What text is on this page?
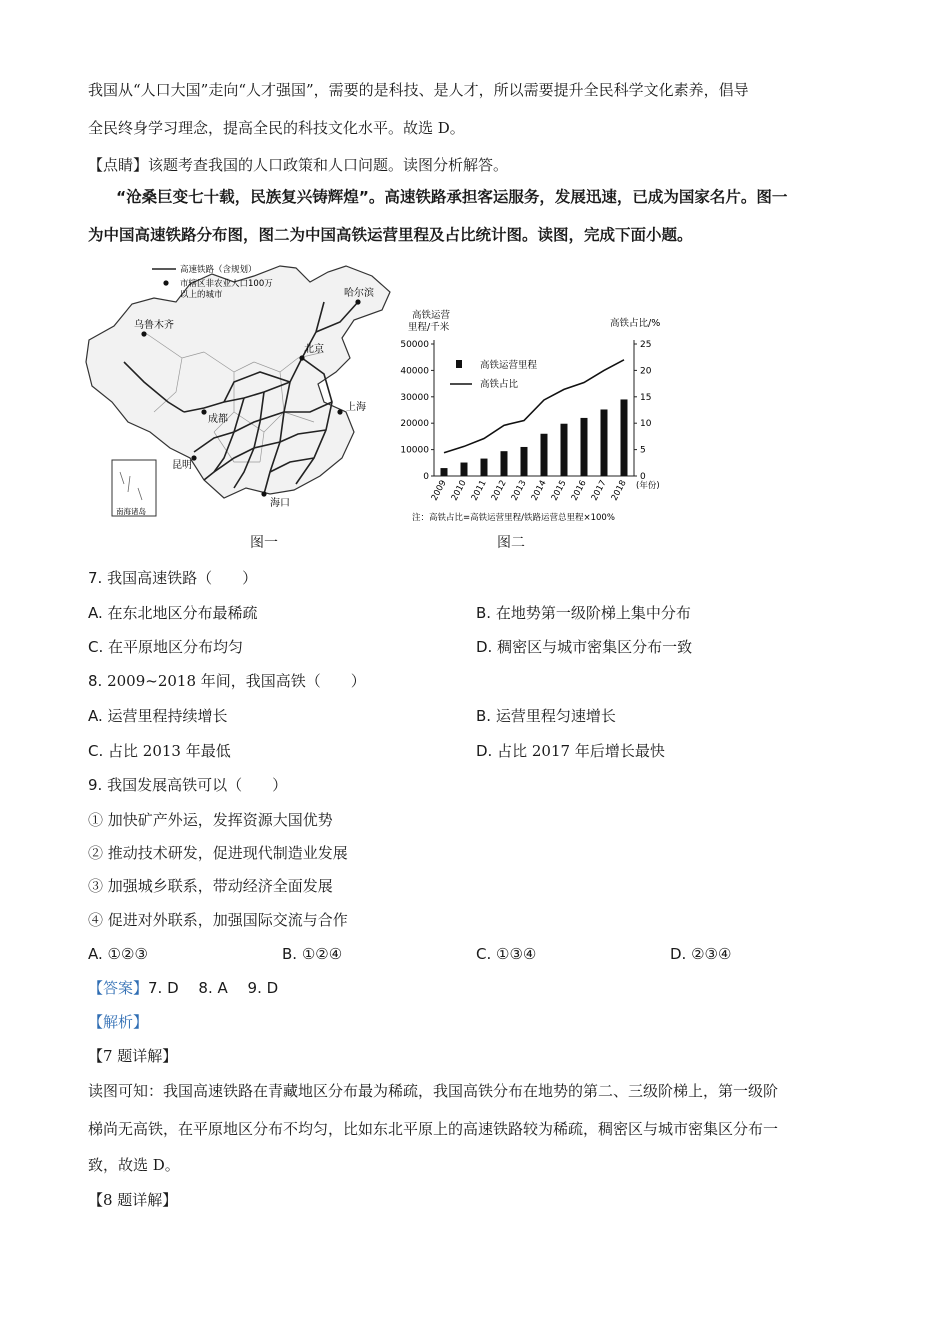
我国从“人口大国”走向“人才强国”，需要的是科技、是人才，所以需要提升全民科学文化素养，倡导
全民终身学习理念，提高全民的科技文化水平。故选 D。
【点睛】该题考查我国的人口政策和人口问题。读图分析解答。
“沧桑巨变七十载，民族复兴铸辉煌”。高速铁路承担客运服务，发展迅速，已成为国家名片。图一
为中国高速铁路分布图，图二为中国高铁运营里程及占比统计图。读图，完成下面小题。
乌鲁木齐
哈尔滨
北京
上海
成都
昆明
海口
高速铁路（含规划）
市辖区非农业人口100万
以上的城市
南海诸岛
图一
0
10000
20000
30000
40000
50000
0
5
10
15
20
25
2009 2010 2011 2012 2013 2014 2015 2016 2017 2018
高铁运营
里程/千米	高铁占比/%
(年份)
高铁运营里程
高铁占比
注：高铁占比=高铁运营里程/铁路运营总里程×100%
图二
7. 我国高速铁路（　　）
A. 在东北地区分布最稀疏	B. 在地势第一级阶梯上集中分布
C. 在平原地区分布均匀	D. 稠密区与城市密集区分布一致
8. 2009~2018 年间，我国高铁（　　）
A. 运营里程持续增长	B. 运营里程匀速增长
C. 占比 2013 年最低	D. 占比 2017 年后增长最快
9. 我国发展高铁可以（　　）
① 加快矿产外运，发挥资源大国优势
② 推动技术研发，促进现代制造业发展
③ 加强城乡联系，带动经济全面发展
④ 促进对外联系，加强国际交流与合作
A. ①②③	B. ①②④	C. ①③④	D. ②③④
【答案】7. D　 8. A　 9. D
【解析】
【7 题详解】
读图可知：我国高速铁路在青藏地区分布最为稀疏，我国高铁分布在地势的第二、三级阶梯上，第一级阶
梯尚无高铁，在平原地区分布不均匀，比如东北平原上的高速铁路较为稀疏，稠密区与城市密集区分布一
致，故选 D。
【8 题详解】
